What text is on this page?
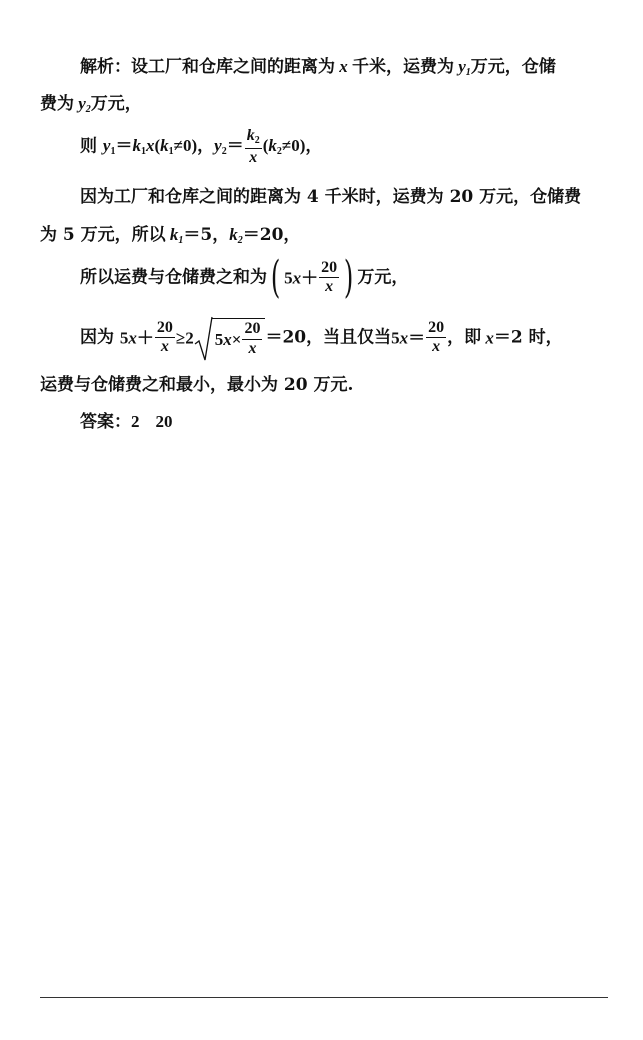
解析：设工厂和仓库之间的距离为 x 千米，运费为 $y_1$万元，仓储
费为 $y_2$万元，
则 $y_1=k_1x(k_1\ne 0)$，$y_2= \frac{k_2}{x} (k_2\ne 0)$，
因为工厂和仓库之间的距离为 4 千米时，运费为 20 万元，仓储费
为 5 万元，所以 $k_1=5$，$k_2=20$，
所以运费与仓储费之和为( $5x+ \frac{20}{x}$ ) 万元，
因为 $5x+ \frac{20}{x} \ge 2$ $5x\times \frac{20}{x} =20$，当且仅当$5x= \frac{20}{x}$ ，即 x＝2 时，
运费与仓储费之和最小，最小为 20 万元.
答案：2 20
